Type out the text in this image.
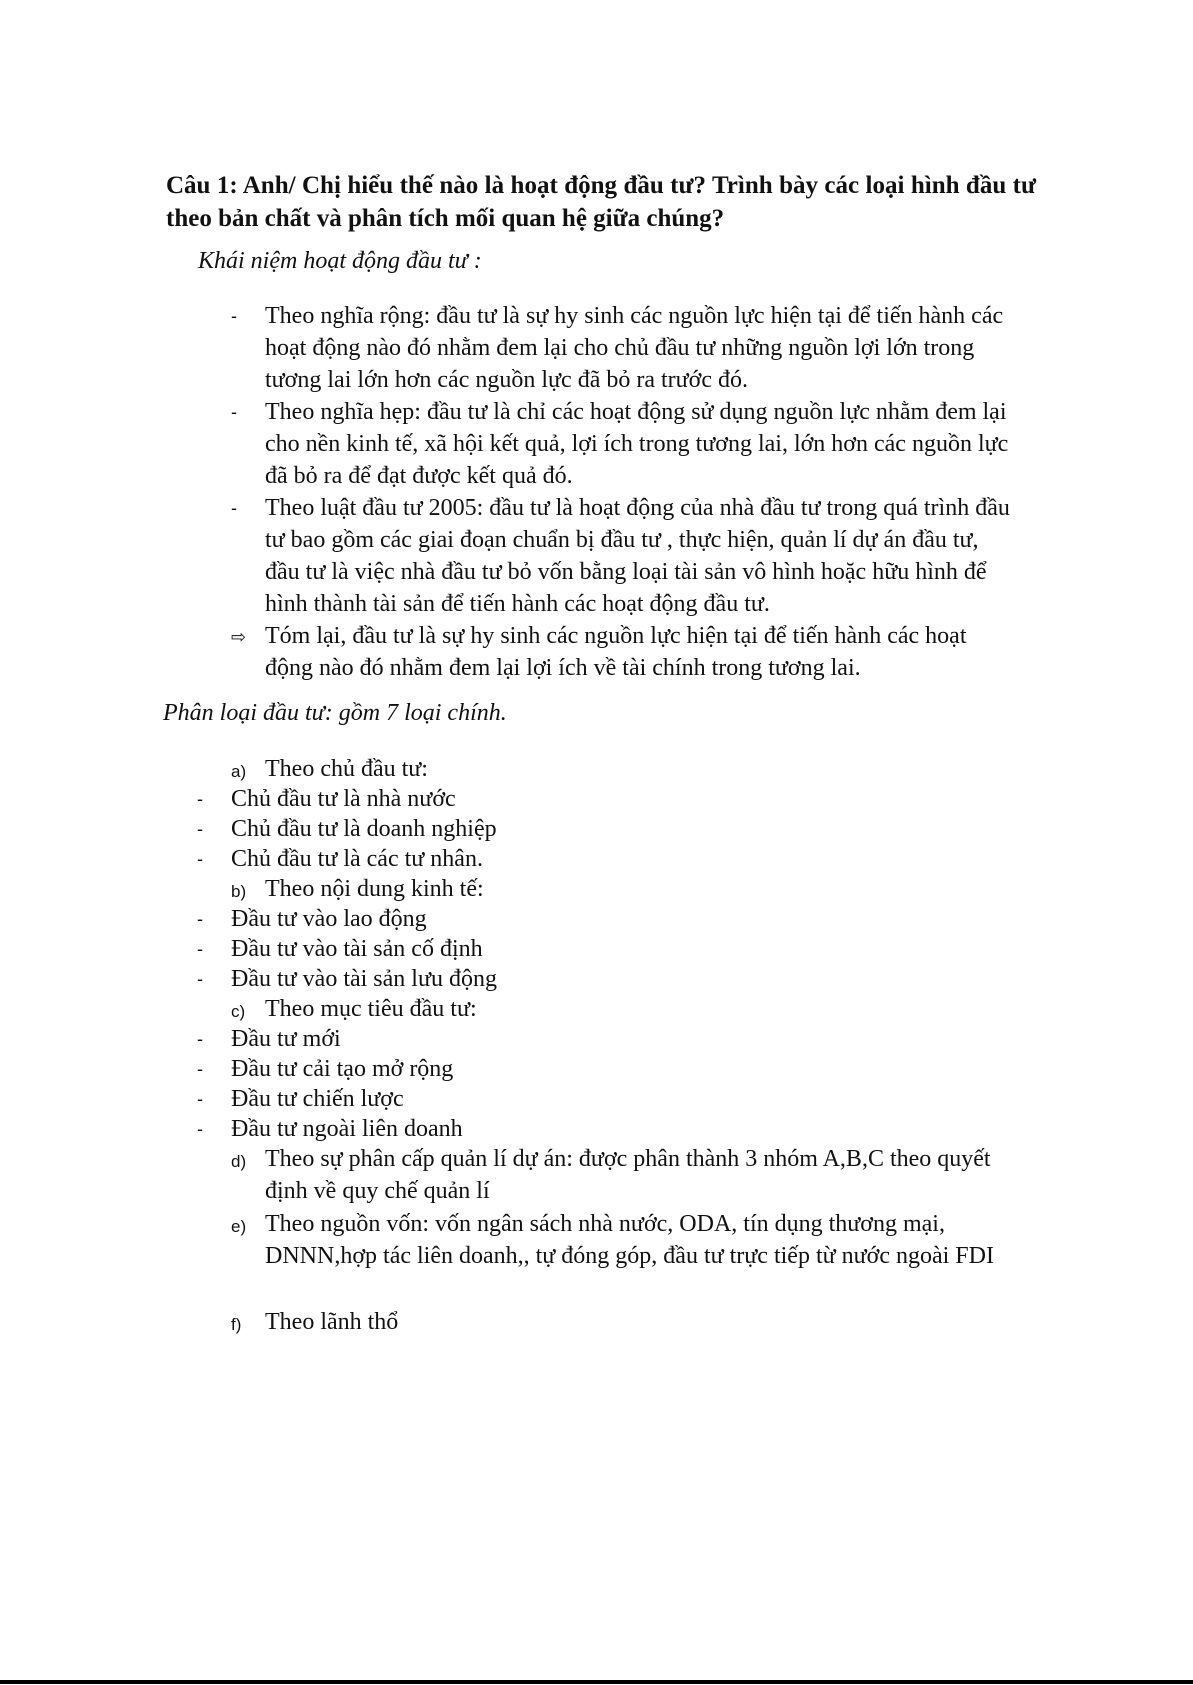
Câu 1: Anh/ Chị hiểu thế nào là hoạt động đầu tư? Trình bày các loại hình đầu tư theo bản chất và phân tích mối quan hệ giữa chúng?

Khái niệm hoạt động đầu tư :

- Theo nghĩa rộng: đầu tư là sự hy sinh các nguồn lực hiện tại để tiến hành các hoạt động nào đó nhằm đem lại cho chủ đầu tư những nguồn lợi lớn trong tương lai lớn hơn các nguồn lực đã bỏ ra trước đó.
- Theo nghĩa hẹp: đầu tư là chỉ các hoạt động sử dụng nguồn lực nhằm đem lại cho nền kinh tế, xã hội kết quả, lợi ích trong tương lai, lớn hơn các nguồn lực đã bỏ ra để đạt được kết quả đó.
- Theo luật đầu tư 2005: đầu tư là hoạt động của nhà đầu tư trong quá trình đầu tư bao gồm các giai đoạn chuẩn bị đầu tư , thực hiện, quản lí dự án đầu tư, đầu tư là việc nhà đầu tư bỏ vốn bằng loại tài sản vô hình hoặc hữu hình để hình thành tài sản để tiến hành các hoạt động đầu tư.
⇨ Tóm lại, đầu tư là sự hy sinh các nguồn lực hiện tại để tiến hành các hoạt động nào đó nhằm đem lại lợi ích về tài chính trong tương lai.

Phân loại đầu tư: gồm 7 loại chính.

a) Theo chủ đầu tư:
- Chủ đầu tư là nhà nước
- Chủ đầu tư là doanh nghiệp
- Chủ đầu tư là các tư nhân.
b) Theo nội dung kinh tế:
- Đầu tư vào lao động
- Đầu tư vào tài sản cố định
- Đầu tư vào tài sản lưu động
c) Theo mục tiêu đầu tư:
- Đầu tư mới
- Đầu tư cải tạo mở rộng
- Đầu tư chiến lược
- Đầu tư ngoài liên doanh
d) Theo sự phân cấp quản lí dự án: được phân thành 3 nhóm A,B,C theo quyết định về quy chế quản lí
e) Theo nguồn vốn: vốn ngân sách nhà nước, ODA, tín dụng thương mại, DNNN,hợp tác liên doanh,, tự đóng góp, đầu tư trực tiếp từ nước ngoài FDI
f) Theo lãnh thổ
